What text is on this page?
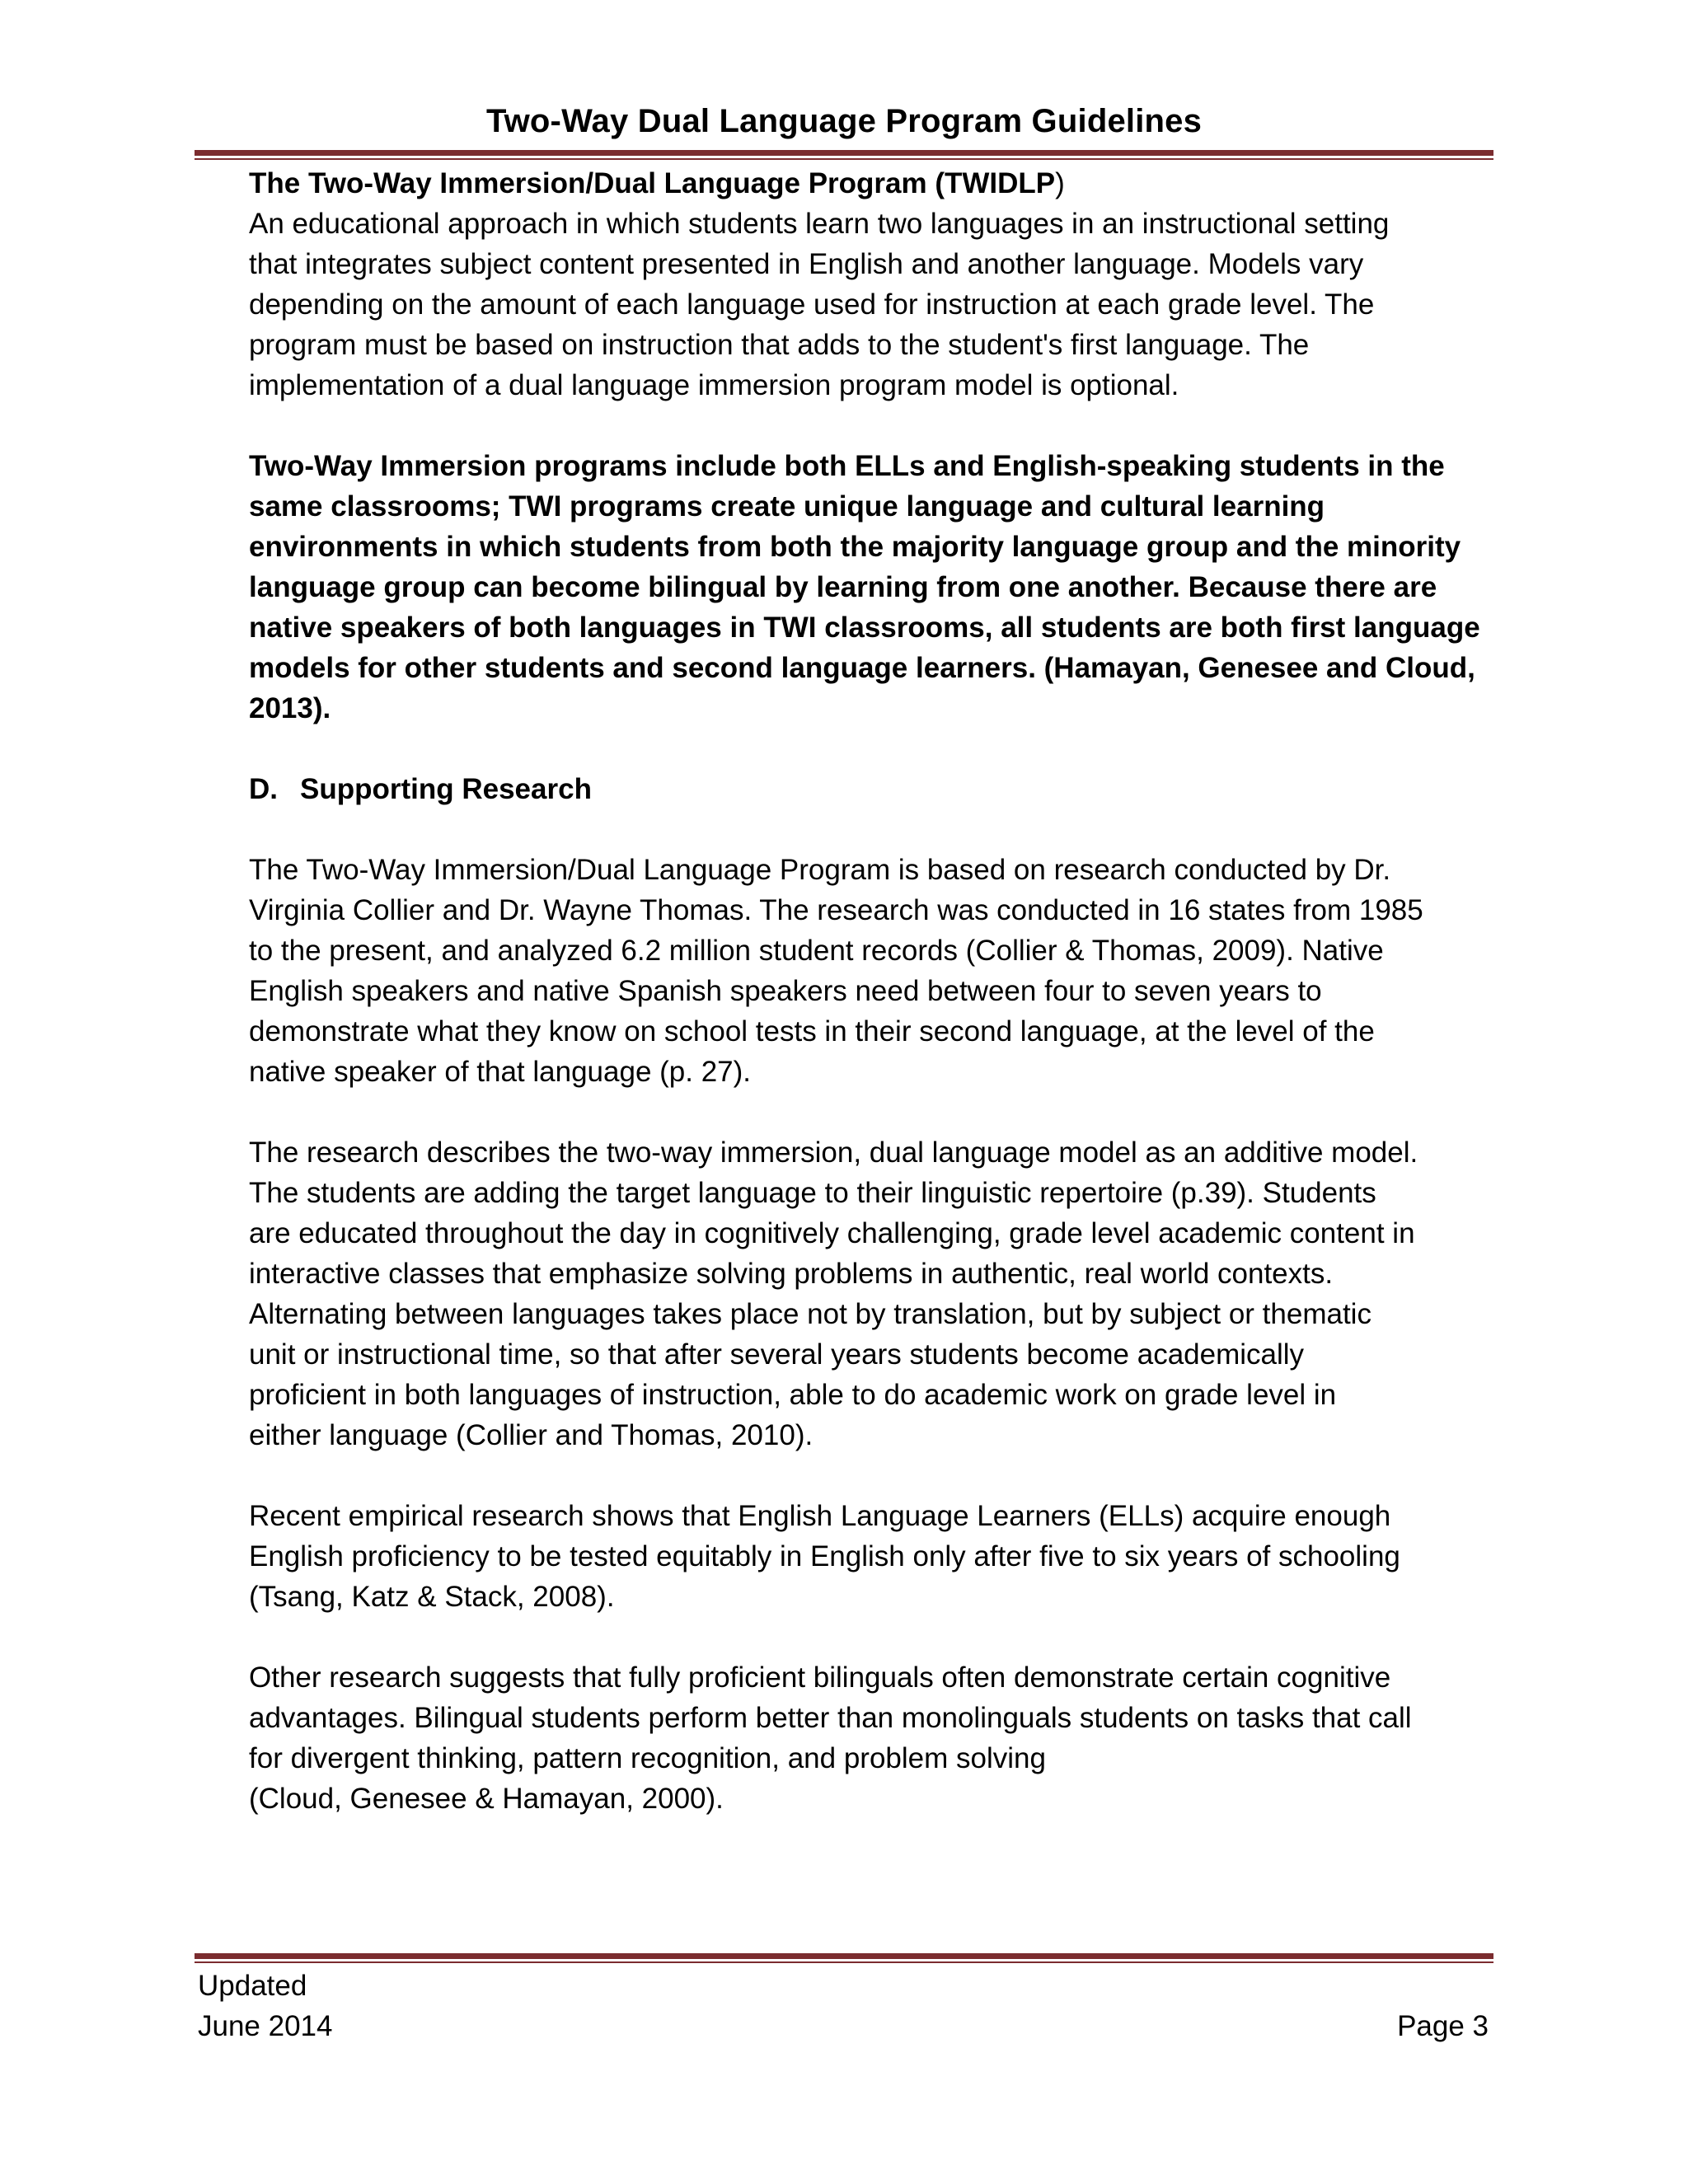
Two-Way Dual Language Program Guidelines

The Two-Way Immersion/Dual Language Program (TWIDLP)

An educational approach in which students learn two languages in an instructional setting

that integrates subject content presented in English and another language. Models vary

depending on the amount of each language used for instruction at each grade level. The

program must be based on instruction that adds to the student's first language. The

implementation of a dual language immersion program model is optional.

Two-Way Immersion programs include both ELLs and English-speaking students in the

same classrooms; TWI programs create unique language and cultural learning

environments in which students from both the majority language group and the minority

language group can become bilingual by learning from one another. Because there are

native speakers of both languages in TWI classrooms, all students are both first language

models for other students and second language learners. (Hamayan, Genesee and Cloud,

2013).

D. Supporting Research

The Two-Way Immersion/Dual Language Program is based on research conducted by Dr.

Virginia Collier and Dr. Wayne Thomas. The research was conducted in 16 states from 1985

to the present, and analyzed 6.2 million student records (Collier & Thomas, 2009). Native

English speakers and native Spanish speakers need between four to seven years to

demonstrate what they know on school tests in their second language, at the level of the

native speaker of that language (p. 27).

The research describes the two-way immersion, dual language model as an additive model.

The students are adding the target language to their linguistic repertoire (p.39). Students

are educated throughout the day in cognitively challenging, grade level academic content in

interactive classes that emphasize solving problems in authentic, real world contexts.

Alternating between languages takes place not by translation, but by subject or thematic

unit or instructional time, so that after several years students become academically

proficient in both languages of instruction, able to do academic work on grade level in

either language (Collier and Thomas, 2010).

Recent empirical research shows that English Language Learners (ELLs) acquire enough

English proficiency to be tested equitably in English only after five to six years of schooling

(Tsang, Katz & Stack, 2008).

Other research suggests that fully proficient bilinguals often demonstrate certain cognitive

advantages. Bilingual students perform better than monolinguals students on tasks that call

for divergent thinking, pattern recognition, and problem solving

(Cloud, Genesee & Hamayan, 2000).

Updated
June 2014	Page 3
